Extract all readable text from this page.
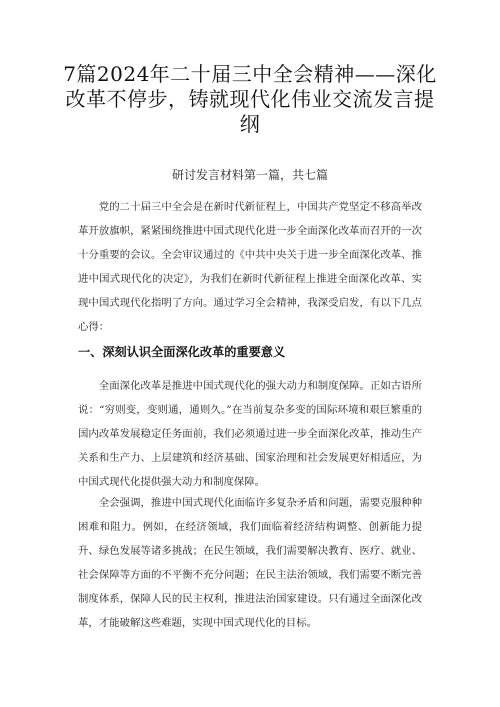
7篇2024年二十届三中全会精神——深化改革不停步，铸就现代化伟业交流发言提纲

研讨发言材料第一篇，共七篇

党的二十届三中全会是在新时代新征程上，中国共产党坚定不移高举改革开放旗帜，紧紧围绕推进中国式现代化进一步全面深化改革而召开的一次十分重要的会议。全会审议通过的《中共中央关于进一步全面深化改革、推进中国式现代化的决定》，为我们在新时代新征程上推进全面深化改革、实现中国式现代化指明了方向。通过学习全会精神，我深受启发，有以下几点心得：

一、深刻认识全面深化改革的重要意义

全面深化改革是推进中国式现代化的强大动力和制度保障。正如古语所说：“穷则变，变则通，通则久。”在当前复杂多变的国际环境和艰巨繁重的国内改革发展稳定任务面前，我们必须通过进一步全面深化改革，推动生产关系和生产力、上层建筑和经济基础、国家治理和社会发展更好相适应，为中国式现代化提供强大动力和制度保障。

全会强调，推进中国式现代化面临许多复杂矛盾和问题，需要克服种种困难和阻力。例如，在经济领域，我们面临着经济结构调整、创新能力提升、绿色发展等诸多挑战；在民生领域，我们需要解决教育、医疗、就业、社会保障等方面的不平衡不充分问题；在民主法治领域，我们需要不断完善制度体系，保障人民的民主权利，推进法治国家建设。只有通过全面深化改革，才能破解这些难题，实现中国式现代化的目标。
